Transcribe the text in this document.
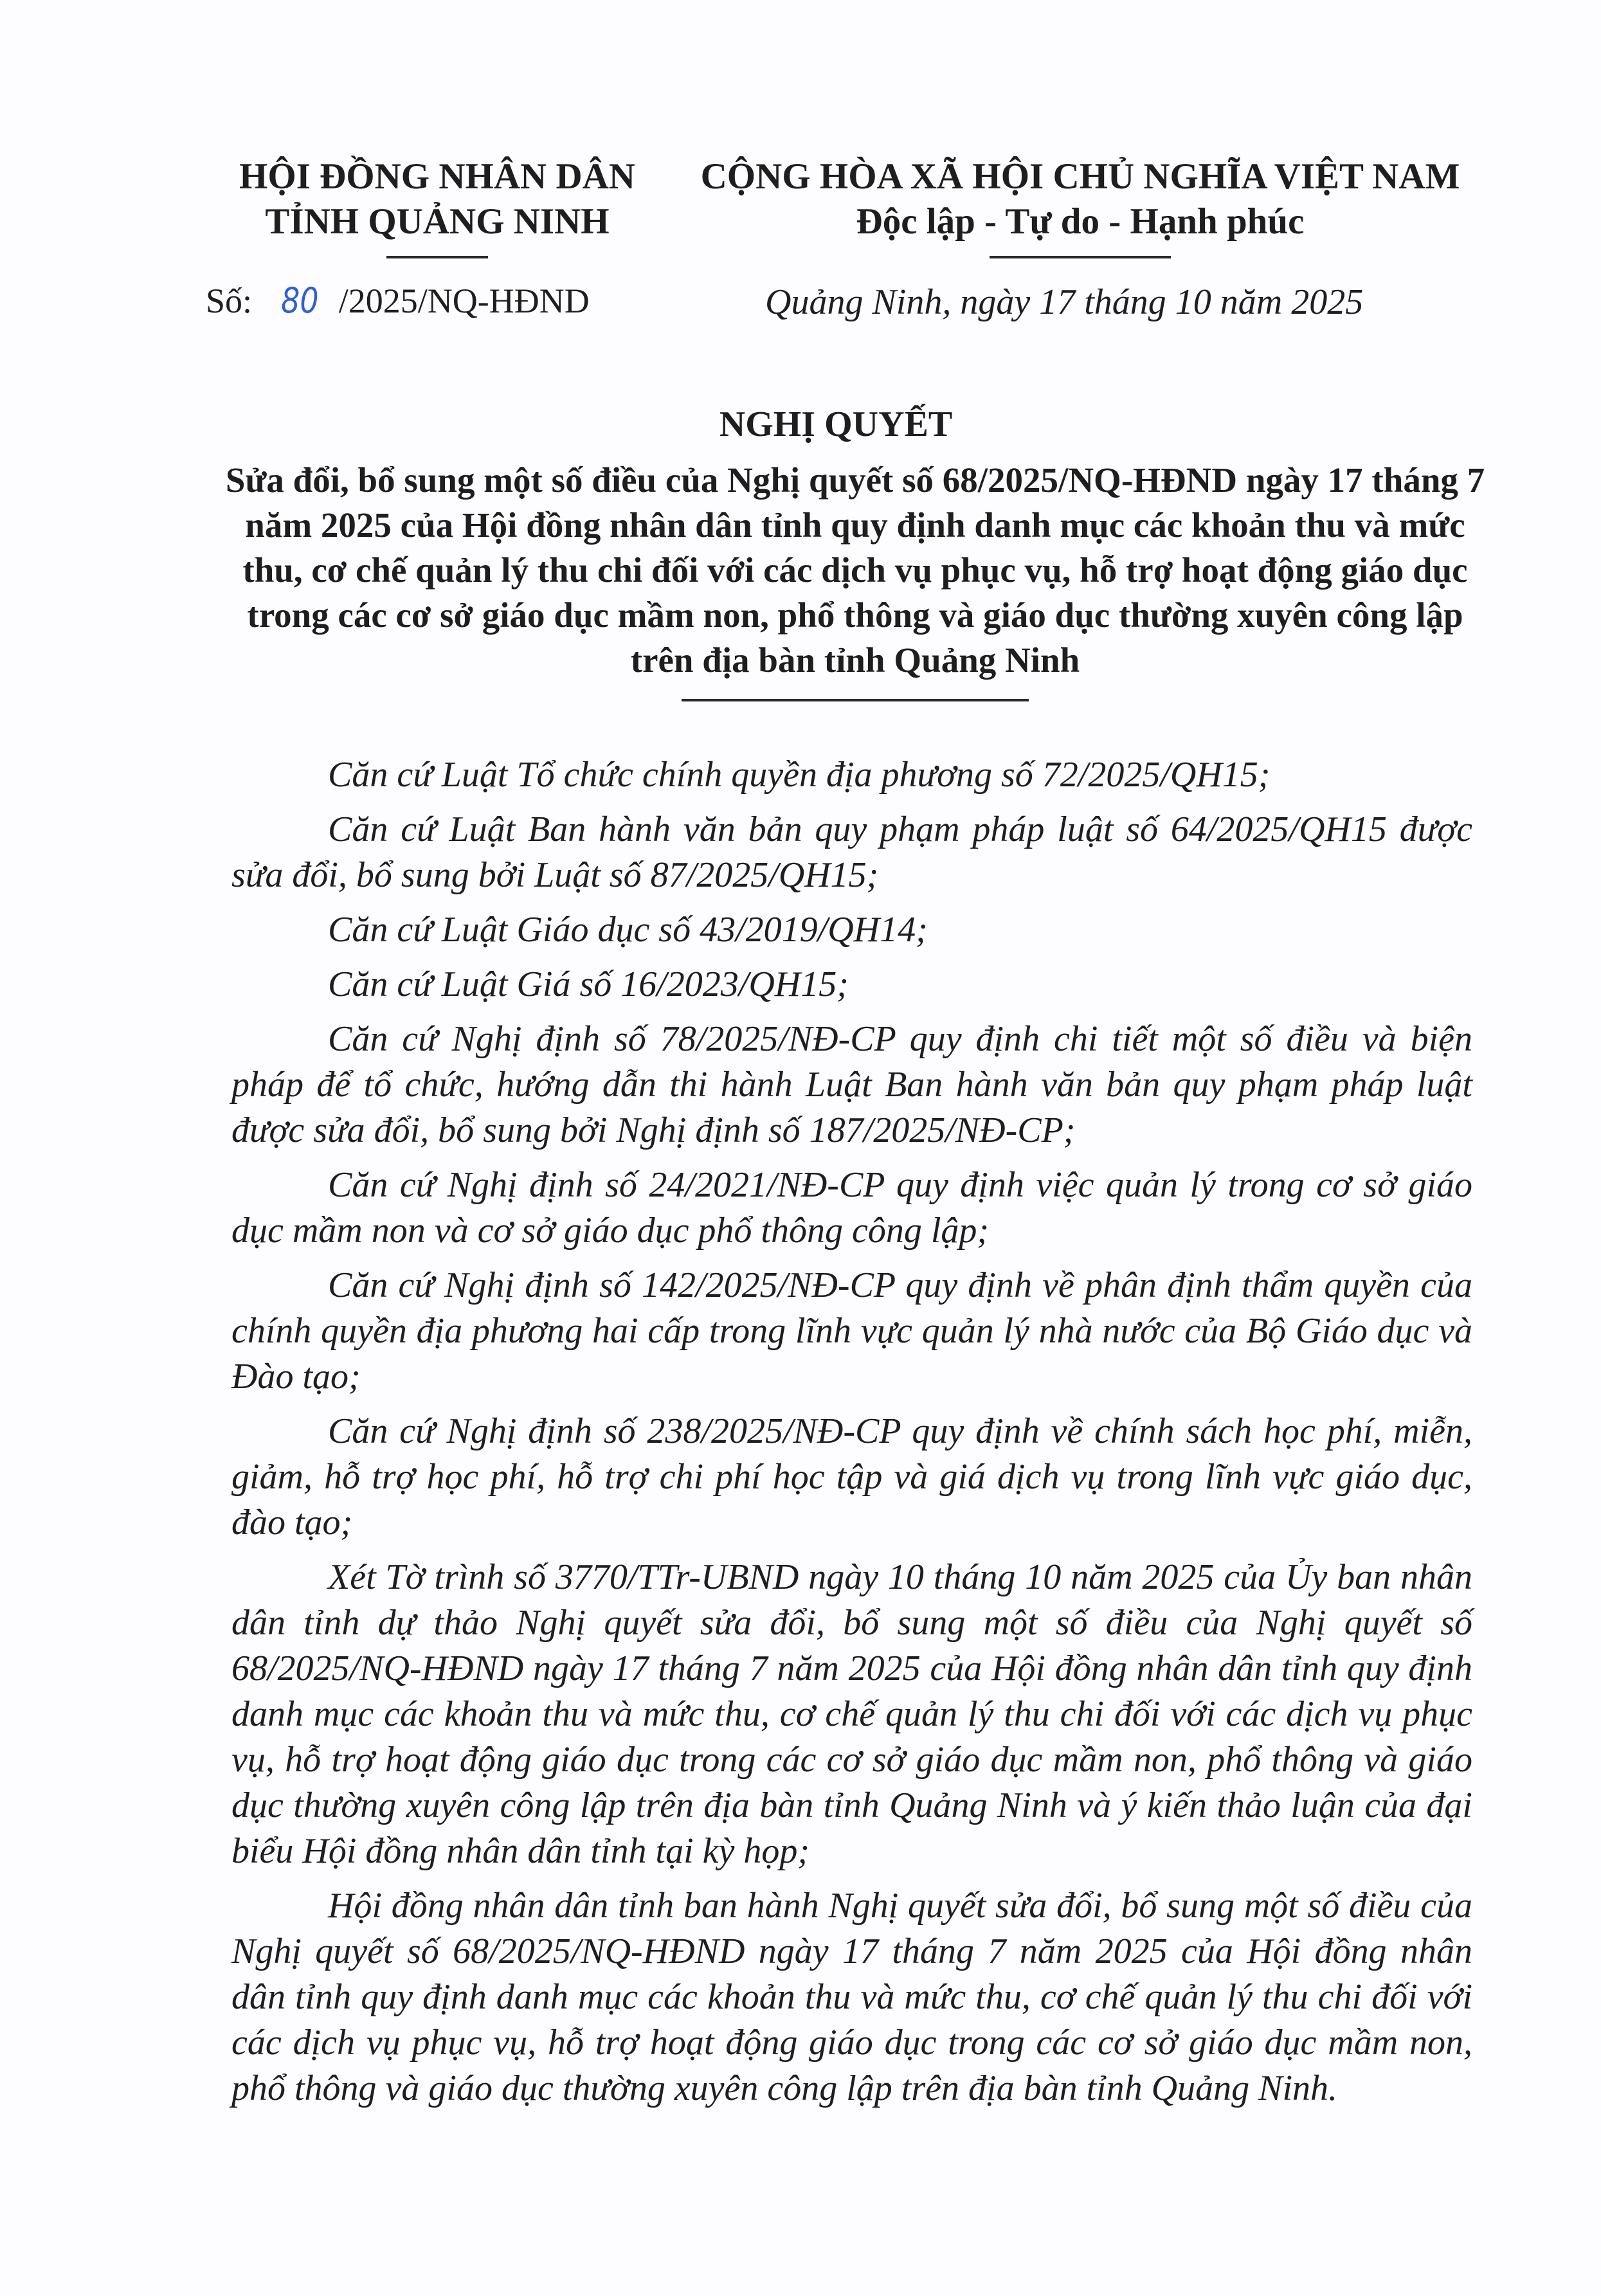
HỘI ĐỒNG NHÂN DÂN
TỈNH QUẢNG NINH
CỘNG HÒA XÃ HỘI CHỦ NGHĨA VIỆT NAM
Độc lập - Tự do - Hạnh phúc
Số: 80 /2025/NQ-HĐND	Quảng Ninh, ngày 17 tháng 10 năm 2025
NGHỊ QUYẾT
Sửa đổi, bổ sung một số điều của Nghị quyết số 68/2025/NQ-HĐND ngày 17 tháng 7 năm 2025 của Hội đồng nhân dân tỉnh quy định danh mục các khoản thu và mức thu, cơ chế quản lý thu chi đối với các dịch vụ phục vụ, hỗ trợ hoạt động giáo dục trong các cơ sở giáo dục mầm non, phổ thông và giáo dục thường xuyên công lập trên địa bàn tỉnh Quảng Ninh

Căn cứ Luật Tổ chức chính quyền địa phương số 72/2025/QH15;

Căn cứ Luật Ban hành văn bản quy phạm pháp luật số 64/2025/QH15 được sửa đổi, bổ sung bởi Luật số 87/2025/QH15;

Căn cứ Luật Giáo dục số 43/2019/QH14;

Căn cứ Luật Giá số 16/2023/QH15;

Căn cứ Nghị định số 78/2025/NĐ-CP quy định chi tiết một số điều và biện pháp để tổ chức, hướng dẫn thi hành Luật Ban hành văn bản quy phạm pháp luật được sửa đổi, bổ sung bởi Nghị định số 187/2025/NĐ-CP;

Căn cứ Nghị định số 24/2021/NĐ-CP quy định việc quản lý trong cơ sở giáo dục mầm non và cơ sở giáo dục phổ thông công lập;

Căn cứ Nghị định số 142/2025/NĐ-CP quy định về phân định thẩm quyền của chính quyền địa phương hai cấp trong lĩnh vực quản lý nhà nước của Bộ Giáo dục và Đào tạo;

Căn cứ Nghị định số 238/2025/NĐ-CP quy định về chính sách học phí, miễn, giảm, hỗ trợ học phí, hỗ trợ chi phí học tập và giá dịch vụ trong lĩnh vực giáo dục, đào tạo;

Xét Tờ trình số 3770/TTr-UBND ngày 10 tháng 10 năm 2025 của Ủy ban nhân dân tỉnh dự thảo Nghị quyết sửa đổi, bổ sung một số điều của Nghị quyết số 68/2025/NQ-HĐND ngày 17 tháng 7 năm 2025 của Hội đồng nhân dân tỉnh quy định danh mục các khoản thu và mức thu, cơ chế quản lý thu chi đối với các dịch vụ phục vụ, hỗ trợ hoạt động giáo dục trong các cơ sở giáo dục mầm non, phổ thông và giáo dục thường xuyên công lập trên địa bàn tỉnh Quảng Ninh và ý kiến thảo luận của đại biểu Hội đồng nhân dân tỉnh tại kỳ họp;

Hội đồng nhân dân tỉnh ban hành Nghị quyết sửa đổi, bổ sung một số điều của Nghị quyết số 68/2025/NQ-HĐND ngày 17 tháng 7 năm 2025 của Hội đồng nhân dân tỉnh quy định danh mục các khoản thu và mức thu, cơ chế quản lý thu chi đối với các dịch vụ phục vụ, hỗ trợ hoạt động giáo dục trong các cơ sở giáo dục mầm non, phổ thông và giáo dục thường xuyên công lập trên địa bàn tỉnh Quảng Ninh.
